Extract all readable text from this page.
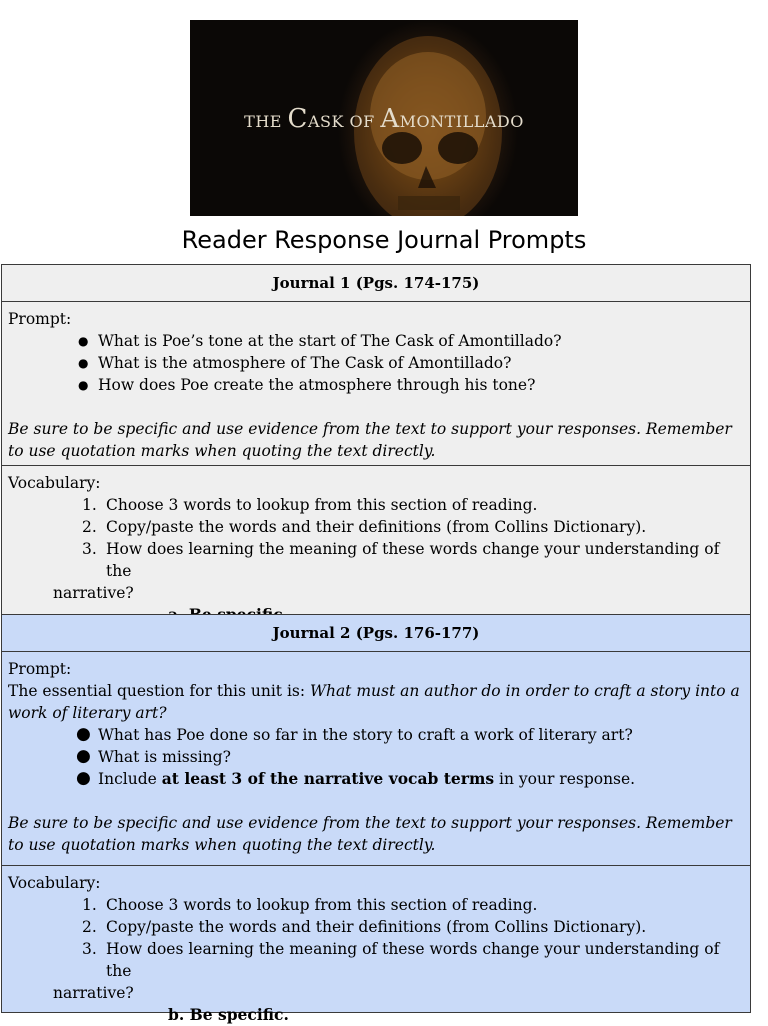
THE CASK OF AMONTILLADO
Reader Response Journal Prompts
Journal 1 (Pgs. 174-175)
Prompt:
● What is Poe’s tone at the start of The Cask of Amontillado?
● What is the atmosphere of The Cask of Amontillado?
● How does Poe create the atmosphere through his tone?
Be sure to be specific and use evidence from the text to support your responses. Remember to use quotation marks when quoting the text directly.
Vocabulary:
1. Choose 3 words to lookup from this section of reading.
2. Copy/paste the words and their definitions (from Collins Dictionary).
3. How does learning the meaning of these words change your understanding of the
narrative?
Journal 2 (Pgs. 176-177)
Prompt:
The essential question for this unit is: What must an author do in order to craft a story into a work of literary art?
● What has Poe done so far in the story to craft a work of literary art?
● What is missing?
● Include at least 3 of the narrative vocab terms in your response.
Be sure to be specific and use evidence from the text to support your responses. Remember to use quotation marks when quoting the text directly.
Vocabulary:
1. Choose 3 words to lookup from this section of reading.
2. Copy/paste the words and their definitions (from Collins Dictionary).
3. How does learning the meaning of these words change your understanding of the
narrative?
b. Be specific.
